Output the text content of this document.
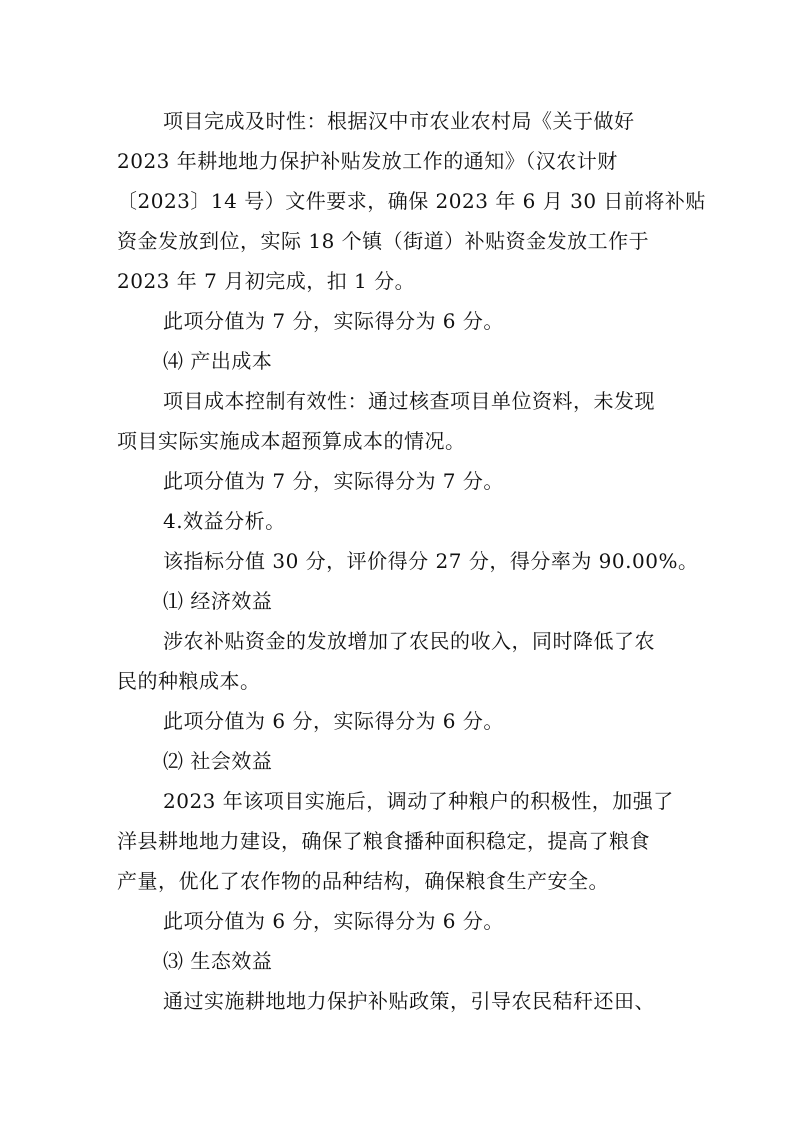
项目完成及时性：根据汉中市农业农村局《关于做好
2023 年耕地地力保护补贴发放工作的通知》（汉农计财
〔2023〕14 号）文件要求，确保 2023 年 6 月 30 日前将补贴
资金发放到位，实际 18 个镇（街道）补贴资金发放工作于
2023 年 7 月初完成，扣 1 分。
此项分值为 7 分，实际得分为 6 分。
⑷ 产出成本
项目成本控制有效性：通过核查项目单位资料，未发现
项目实际实施成本超预算成本的情况。
此项分值为 7 分，实际得分为 7 分。
4.效益分析。
该指标分值 30 分，评价得分 27 分，得分率为 90.00%。
⑴ 经济效益
涉农补贴资金的发放增加了农民的收入，同时降低了农
民的种粮成本。
此项分值为 6 分，实际得分为 6 分。
⑵ 社会效益
2023 年该项目实施后，调动了种粮户的积极性，加强了
洋县耕地地力建设，确保了粮食播种面积稳定，提高了粮食
产量，优化了农作物的品种结构，确保粮食生产安全。
此项分值为 6 分，实际得分为 6 分。
⑶ 生态效益
通过实施耕地地力保护补贴政策，引导农民秸秆还田、
